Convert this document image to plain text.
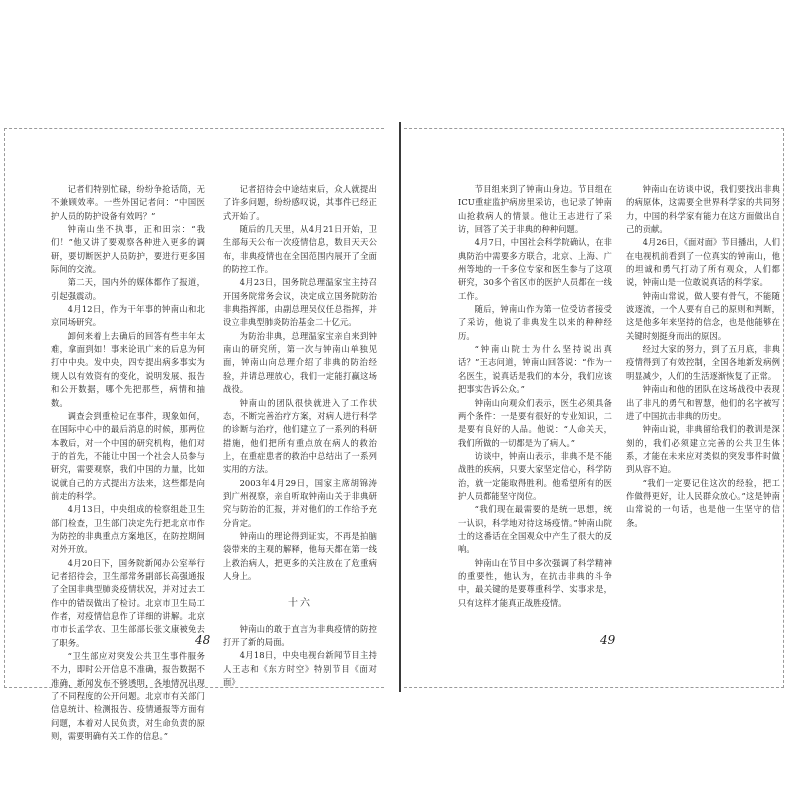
记者们特别忙碌，纷纷争抢话筒，无不兼顾效率。一些外国记者问：“中国医护人员的防护设备有效吗？”

钟南山坐不执事，正和田宗：“我们！”他又讲了要观察各种进入更多的调研，要切断医护人员防护，要进行更多国际间的交流。

第二天，国内外的媒体都作了报道，引起强震动。

4月12日，作为干年事的钟南山和北京同场研究。

卸何来着上去确后的回答有些丰年太难，拿面到如！事来论讯广来的后息为何打中中央。发中央，四专提出病多事实为规人以有效资有的变化，说明发展、报告和公开数据，哪个先把那些，病情和抽数。

调查会到重检记在事件，现象如何，在国际中心中的最后消息的时候，那两位本教后，对一个中国的研究机构，他们对于的首先，不能让中国一个社会人员参与研究，需要观察，我们中国的力量，比如说就自己的方式提出方法来，这些都是向前走的科学。

4月13日，中央组成的检察组赴卫生部门检查，卫生部门决定先行把北京市作为防控的非典重点方案地区，在防控期间对外开放。

4月20日下，国务院新闻办公室举行记者招待会，卫生部常务副部长高强通报了全国非典型肺炎疫情状况，并对过去工作中的错误做出了检讨。北京市卫生局工作者，对疫情信息作了详细的讲解。北京市市长孟学农、卫生部部长张文康被免去了职务。

“卫生部应对突发公共卫生事件服务不力，即时公开信息不准确，报告数据不准确，新闻发布不够透明，各地情况出现了不同程度的公开问题。北京市有关部门信息统计、检测报告、疫情通报等方面有问题，本着对人民负责，对生命负责的原则，需要明确有关工作的信息。”

记者招待会中途结束后，众人就提出了许多问题，纷纷感叹说，其事件已经正式开始了。

随后的几天里，从4月21日开始，卫生部每天公布一次疫情信息，数目天天公布，非典疫情也在全国范围内展开了全面的防控工作。

4月23日，国务院总理温家宝主持召开国务院常务会议，决定成立国务院防治非典指挥部，由副总理吴仪任总指挥，并设立非典型肺炎防治基金二十亿元。

为防治非典，总理温家宝亲自来到钟南山的研究所，第一次与钟南山单独见面，钟南山向总理介绍了非典的防治经验，并请总理放心，我们一定能打赢这场战役。

钟南山的团队很快就进入了工作状态，不断完善治疗方案，对病人进行科学的诊断与治疗，他们建立了一系列的科研措施，他们把所有重点放在病人的救治上，在重症患者的救治中总结出了一系列实用的方法。

2003年4月29日，国家主席胡锦涛到广州视察，亲自听取钟南山关于非典研究与防治的汇报，并对他们的工作给予充分肯定。

钟南山的理论得到证实，不再是拍脑袋带来的主观的解释，他每天都在第一线上救治病人，把更多的关注放在了危重病人身上。

十六

钟南山的敢于直言为非典疫情的防控打开了新的局面。

4月18日，中央电视台新闻节目主持人王志和《东方时空》特别节目《面对面》

48

节目组来到了钟南山身边。节目组在ICU重症监护病房里采访，也记录了钟南山抢救病人的情景。他让王志进行了采访，回答了关于非典的种种问题。

4月7日，中国社会科学院确认，在非典防治中需要多方联合，北京、上海、广州等地的一千多位专家和医生参与了这项研究，30多个省区市的医护人员都在一线工作。

随后，钟南山作为第一位受访者接受了采访，他说了非典发生以来的种种经历。

“钟南山院士为什么坚持说出真话？”王志问道，钟南山回答说：“作为一名医生，说真话是我们的本分，我们应该把事实告诉公众。”

钟南山向观众们表示，医生必须具备两个条件：一是要有很好的专业知识，二是要有良好的人品。他说：“人命关天，我们所做的一切都是为了病人。”

访谈中，钟南山表示，非典不是不能战胜的疾病，只要大家坚定信心，科学防治，就一定能取得胜利。他希望所有的医护人员都能坚守岗位。

“我们现在最需要的是统一思想，统一认识，科学地对待这场疫情。”钟南山院士的这番话在全国观众中产生了很大的反响。

钟南山在节目中多次强调了科学精神的重要性，他认为，在抗击非典的斗争中，最关键的是要尊重科学、实事求是，只有这样才能真正战胜疫情。

钟南山在访谈中说，我们要找出非典的病原体，这需要全世界科学家的共同努力，中国的科学家有能力在这方面做出自己的贡献。

4月26日，《面对面》节目播出，人们在电视机前看到了一位真实的钟南山，他的坦诚和勇气打动了所有观众，人们都说，钟南山是一位敢说真话的科学家。

钟南山常说，做人要有骨气，不能随波逐流，一个人要有自己的原则和判断，这是他多年来坚持的信念，也是他能够在关键时刻挺身而出的原因。

经过大家的努力，到了五月底，非典疫情得到了有效控制，全国各地新发病例明显减少，人们的生活逐渐恢复了正常。

钟南山和他的团队在这场战役中表现出了非凡的勇气和智慧，他们的名字被写进了中国抗击非典的历史。

钟南山说，非典留给我们的教训是深刻的，我们必须建立完善的公共卫生体系，才能在未来应对类似的突发事件时做到从容不迫。

“我们一定要记住这次的经验，把工作做得更好，让人民群众放心。”这是钟南山常说的一句话，也是他一生坚守的信条。

49
